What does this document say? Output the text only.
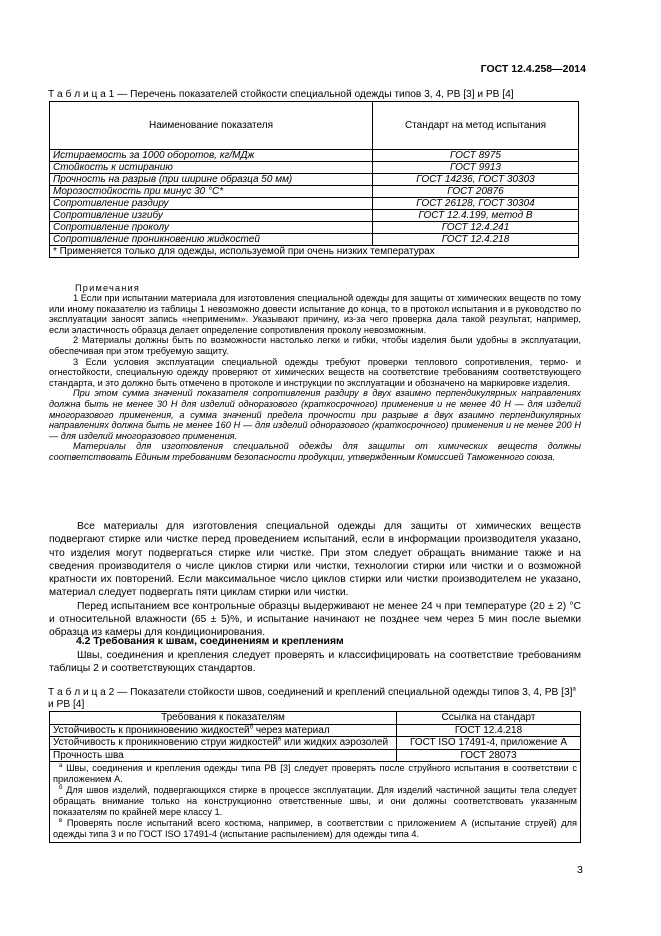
ГОСТ 12.4.258—2014
Т а б л и ц а 1 — Перечень показателей стойкости специальной одежды типов 3, 4, РВ [3] и РВ [4]
Наименование показателя	Стандарт на метод испытания
Истираемость за 1000 оборотов, кг/МДж	ГОСТ 8975
Стойкость к истиранию	ГОСТ 9913
Прочность на разрыв (при ширине образца 50 мм)	ГОСТ 14236, ГОСТ 30303
Морозостойкость при минус 30 °С*	ГОСТ 20876
Сопротивление раздиру	ГОСТ 26128, ГОСТ 30304
Сопротивление изгибу	ГОСТ 12.4.199, метод В
Сопротивление проколу	ГОСТ 12.4.241
Сопротивление проникновению жидкостей	ГОСТ 12.4.218
* Применяется только для одежды, используемой при очень низких температурах	
Примечания

1 Если при испытании материала для изготовления специальной одежды для защиты от химических веществ по тому или иному показателю из таблицы 1 невозможно довести испытание до конца, то в протокол испытания и в руководство по эксплуатации заносят запись «неприменим». Указывают причину, из-за чего проверка дала такой результат, например, если эластичность образца делает определение сопротивления проколу невозможным.

2 Материалы должны быть по возможности настолько легки и гибки, чтобы изделия были удобны в эксплуатации, обеспечивая при этом требуемую защиту.

3 Если условия эксплуатации специальной одежды требуют проверки теплового сопротивления, термо- и огнестойкости, специальную одежду проверяют от химических веществ на соответствие требованиям соответствующего стандарта, и это должно быть отмечено в протоколе и инструкции по эксплуатации и обозначено на маркировке изделия.

При этом сумма значений показателя сопротивления раздиру в двух взаимно перпендикулярных направлениях должна быть не менее 30 Н для изделий одноразового (краткосрочного) применения и не менее 40 Н — для изделий многоразового применения, а сумма значений предела прочности при разрыве в двух взаимно перпендикулярных направлениях должна быть не менее 160 Н — для изделий одноразового (краткосрочного) применения и не менее 200 Н — для изделий многоразового применения.

Материалы для изготовления специальной одежды для защиты от химических веществ должны соответствовать Единым требованиям безопасности продукции, утвержденным Комиссией Таможенного союза.

Все материалы для изготовления специальной одежды для защиты от химических веществ подвергают стирке или чистке перед проведением испытаний, если в информации производителя указано, что изделия могут подвергаться стирке или чистке. При этом следует обращать внимание также и на сведения производителя о числе циклов стирки или чистки, технологии стирки или чистки и о возможной кратности их повторений. Если максимальное число циклов стирки или чистки производителем не указано, материал следует подвергать пяти циклам стирки или чистки.

Перед испытанием все контрольные образцы выдерживают не менее 24 ч при температуре (20 ± 2) °С и относительной влажности (65 ± 5)%, и испытание начинают не позднее чем через 5 мин после выемки образца из камеры для кондиционирования.

4.2 Требования к швам, соединениям и креплениям

Швы, соединения и крепления следует проверять и классифицировать на соответствие требованиям таблицы 2 и соответствующих стандартов.

Т а б л и ц а 2 — Показатели стойкости швов, соединений и креплений специальной одежды типов 3, 4, РВ $[3]^а$ и РВ [4]
Требования к показателям	Ссылка на стандарт
Устойчивость к проникновению жидкостей$^б$ через материал	ГОСТ 12.4.218
Устойчивость к проникновению струи жидкостей$^в$ или жидких аэрозолей	ГОСТ ISO 17491-4, приложение А
Прочность шва	ГОСТ 28073

$^а$ Швы, соединения и крепления одежды типа РВ [3] следует проверять после струйного испытания в соответствии с приложением А.
$^б$ Для швов изделий, подвергающихся стирке в процессе эксплуатации. Для изделий частичной защиты тела следует обращать внимание только на конструкционно ответственные швы, и они должны соответствовать указанным показателям по крайней мере классу 1.
$^в$ Проверять после испытаний всего костюма, например, в соответствии с приложением А (испытание струей) для одежды типа 3 и по ГОСТ ISO 17491-4 (испытание распылением) для одежды типа 4.	
3
